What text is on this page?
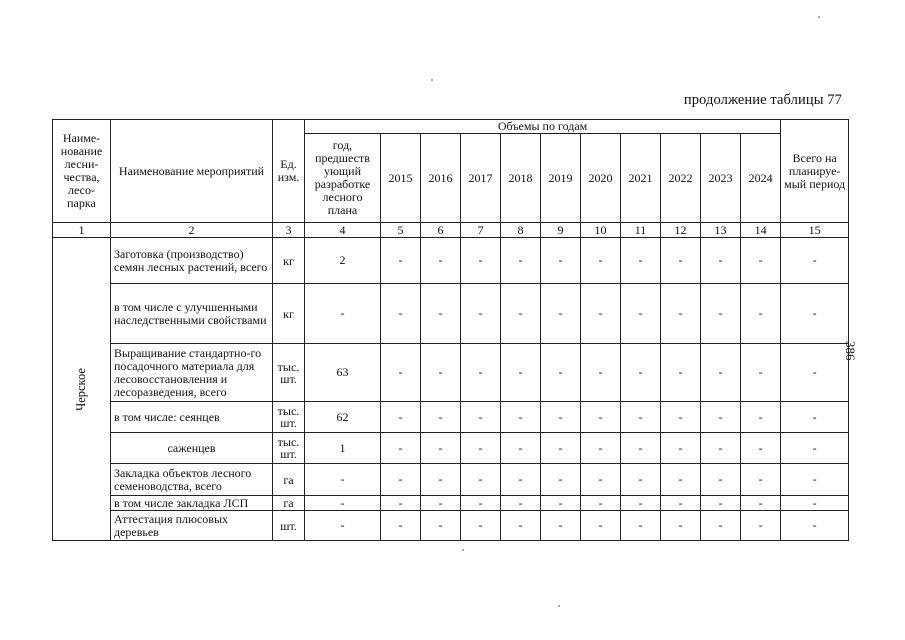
продолжение таблицы 77
386
Наиме-нование лесни-чества, лесо-парка	Наименование мероприятий	Ед. изм.	Объемы по годам											Всего на планируе-мый период
			год, предшеств ующий разработке лесного плана	2015	2016	2017	2018	2019	2020	2021	2022	2023	2024	
1	2	3	4	5	6	7	8	9	10	11	12	13	14	15
Черское	Заготовка (производство) семян лесных растений, всего	кг	2	-	-	-	-	-	-	-	-	-	-	-
	в том числе с улучшенными наследственными свойствами	кг	-	-	-	-	-	-	-	-	-	-	-	-
	Выращивание стандартно-го посадочного материала для лесовосстановления и лесоразведения, всего	тыс. шт.	63	-	-	-	-	-	-	-	-	-	-	-
	в том числе: сеянцев	тыс. шт.	62	-	-	-	-	-	-	-	-	-	-	-
	саженцев	тыс. шт.	1	-	-	-	-	-	-	-	-	-	-	-
	Закладка объектов лесного семеноводства, всего	га	-	-	-	-	-	-	-	-	-	-	-	-
	в том числе закладка ЛСП	га	-	-	-	-	-	-	-	-	-	-	-	-
	Аттестация плюсовых деревьев	шт.	-	-	-	-	-	-	-	-	-	-	-	-
